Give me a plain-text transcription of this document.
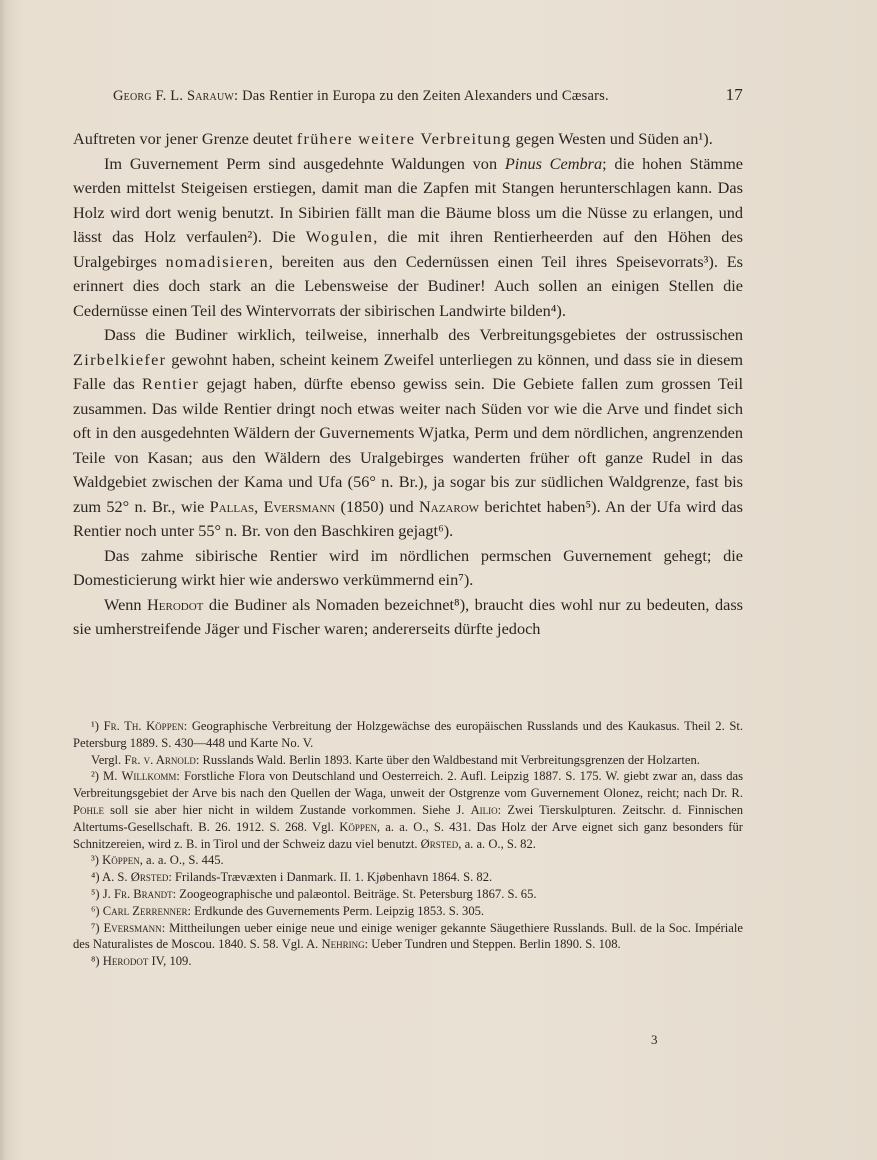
Georg F. L. Sarauw: Das Rentier in Europa zu den Zeiten Alexanders und Cæsars.	17

Auftreten vor jener Grenze deutet frühere weitere Verbreitung gegen Westen und Süden an¹).

Im Guvernement Perm sind ausgedehnte Waldungen von Pinus Cembra; die hohen Stämme werden mittelst Steigeisen erstiegen, damit man die Zapfen mit Stangen herunterschlagen kann. Das Holz wird dort wenig benutzt. In Sibirien fällt man die Bäume bloss um die Nüsse zu erlangen, und lässt das Holz verfaulen²). Die Wogulen, die mit ihren Rentierheerden auf den Höhen des Uralgebirges nomadisieren, bereiten aus den Cedernüssen einen Teil ihres Speisevorrats³). Es erinnert dies doch stark an die Lebensweise der Budiner! Auch sollen an einigen Stellen die Cedernüsse einen Teil des Wintervorrats der sibirischen Landwirte bilden⁴).

Dass die Budiner wirklich, teilweise, innerhalb des Verbreitungsgebietes der ostrussischen Zirbelkiefer gewohnt haben, scheint keinem Zweifel unterliegen zu können, und dass sie in diesem Falle das Rentier gejagt haben, dürfte ebenso gewiss sein. Die Gebiete fallen zum grossen Teil zusammen. Das wilde Rentier dringt noch etwas weiter nach Süden vor wie die Arve und findet sich oft in den ausgedehnten Wäldern der Guvernements Wjatka, Perm und dem nördlichen, angrenzenden Teile von Kasan; aus den Wäldern des Uralgebirges wanderten früher oft ganze Rudel in das Waldgebiet zwischen der Kama und Ufa (56° n. Br.), ja sogar bis zur südlichen Waldgrenze, fast bis zum 52° n. Br., wie Pallas, Eversmann (1850) und Nazarow berichtet haben⁵). An der Ufa wird das Rentier noch unter 55° n. Br. von den Baschkiren gejagt⁶).

Das zahme sibirische Rentier wird im nördlichen permschen Guvernement gehegt; die Domesticierung wirkt hier wie anderswo verkümmernd ein⁷).

Wenn Herodot die Budiner als Nomaden bezeichnet⁸), braucht dies wohl nur zu bedeuten, dass sie umherstreifende Jäger und Fischer waren; andererseits dürfte jedoch

¹) Fr. Th. Köppen: Geographische Verbreitung der Holzgewächse des europäischen Russlands und des Kaukasus. Theil 2. St. Petersburg 1889. S. 430—448 und Karte No. V.

Vergl. Fr. v. Arnold: Russlands Wald. Berlin 1893. Karte über den Waldbestand mit Verbreitungsgrenzen der Holzarten.

²) M. Willkomm: Forstliche Flora von Deutschland und Oesterreich. 2. Aufl. Leipzig 1887. S. 175. W. giebt zwar an, dass das Verbreitungsgebiet der Arve bis nach den Quellen der Waga, unweit der Ostgrenze vom Guvernement Olonez, reicht; nach Dr. R. Pohle soll sie aber hier nicht in wildem Zustande vorkommen. Siehe J. Ailio: Zwei Tierskulpturen. Zeitschr. d. Finnischen Altertums-Gesellschaft. B. 26. 1912. S. 268. Vgl. Köppen, a. a. O., S. 431. Das Holz der Arve eignet sich ganz besonders für Schnitzereien, wird z. B. in Tirol und der Schweiz dazu viel benutzt. Ørsted, a. a. O., S. 82.

³) Köppen, a. a. O., S. 445.

⁴) A. S. Ørsted: Frilands-Trævæxten i Danmark. II. 1. Kjøbenhavn 1864. S. 82.

⁵) J. Fr. Brandt: Zoogeographische und palæontol. Beiträge. St. Petersburg 1867. S. 65.

⁶) Carl Zerrenner: Erdkunde des Guvernements Perm. Leipzig 1853. S. 305.

⁷) Eversmann: Mittheilungen ueber einige neue und einige weniger gekannte Säugethiere Russlands. Bull. de la Soc. Impériale des Naturalistes de Moscou. 1840. S. 58. Vgl. A. Nehring: Ueber Tundren und Steppen. Berlin 1890. S. 108.

⁸) Herodot IV, 109.

3
